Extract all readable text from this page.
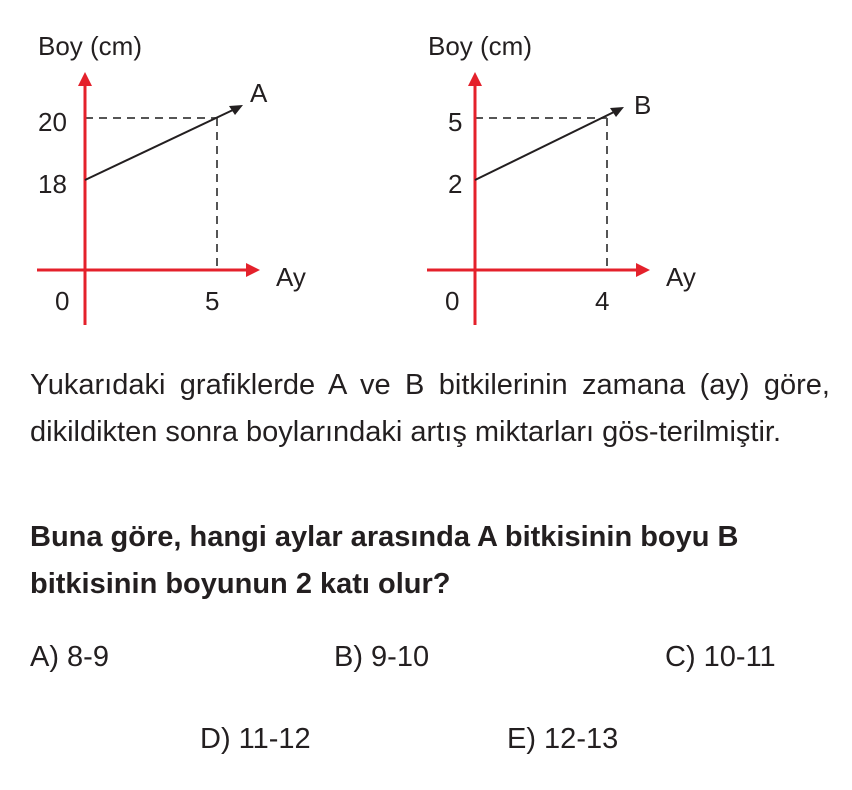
Boy (cm)
Ay
A
20
18
0	5
Boy (cm)
Ay
B
5
2
0	4
Yukarıdaki grafiklerde A ve B bitkilerinin zamana (ay) göre, dikildikten sonra boylarındaki artış miktarları gös-terilmiştir.
Buna göre, hangi aylar arasında A bitkisinin boyu B bitkisinin boyunun 2 katı olur?
A) 8-9	B) 9-10	C) 10-11
D) 11-12	E) 12-13
